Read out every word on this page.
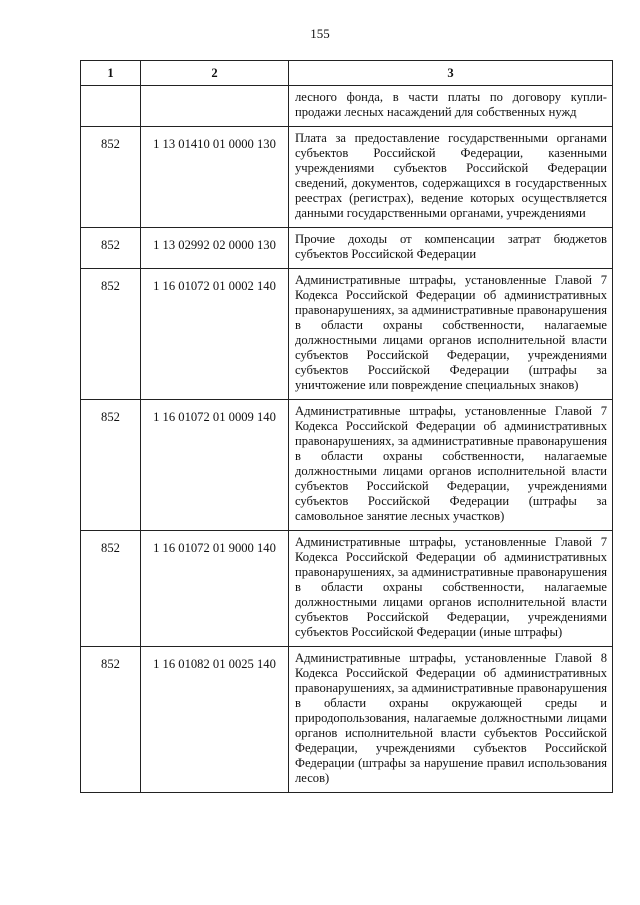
155
1	2	3
		лесного фонда, в части платы по договору купли-продажи лесных насаждений для собственных нужд
852	1 13 01410 01 0000 130	Плата за предоставление государственными органами субъектов Российской Федерации, казенными учреждениями субъектов Российской Федерации сведений, документов, содержащихся в государственных реестрах (регистрах), ведение которых осуществляется данными государственными органами, учреждениями
852	1 13 02992 02 0000 130	Прочие доходы от компенсации затрат бюджетов субъектов Российской Федерации
852	1 16 01072 01 0002 140	Административные штрафы, установленные Главой 7 Кодекса Российской Федерации об административных правонарушениях, за административные правонарушения в области охраны собственности, налагаемые должностными лицами органов исполнительной власти субъектов Российской Федерации, учреждениями субъектов Российской Федерации (штрафы за уничтожение или повреждение специальных знаков)
852	1 16 01072 01 0009 140	Административные штрафы, установленные Главой 7 Кодекса Российской Федерации об административных правонарушениях, за административные правонарушения в области охраны собственности, налагаемые должностными лицами органов исполнительной власти субъектов Российской Федерации, учреждениями субъектов Российской Федерации (штрафы за самовольное занятие лесных участков)
852	1 16 01072 01 9000 140	Административные штрафы, установленные Главой 7 Кодекса Российской Федерации об административных правонарушениях, за административные правонарушения в области охраны собственности, налагаемые должностными лицами органов исполнительной власти субъектов Российской Федерации, учреждениями субъектов Российской Федерации (иные штрафы)
852	1 16 01082 01 0025 140	Административные штрафы, установленные Главой 8 Кодекса Российской Федерации об административных правонарушениях, за административные правонарушения в области охраны окружающей среды и природопользования, налагаемые должностными лицами органов исполнительной власти субъектов Российской Федерации, учреждениями субъектов Российской Федерации (штрафы за нарушение правил использования лесов)
